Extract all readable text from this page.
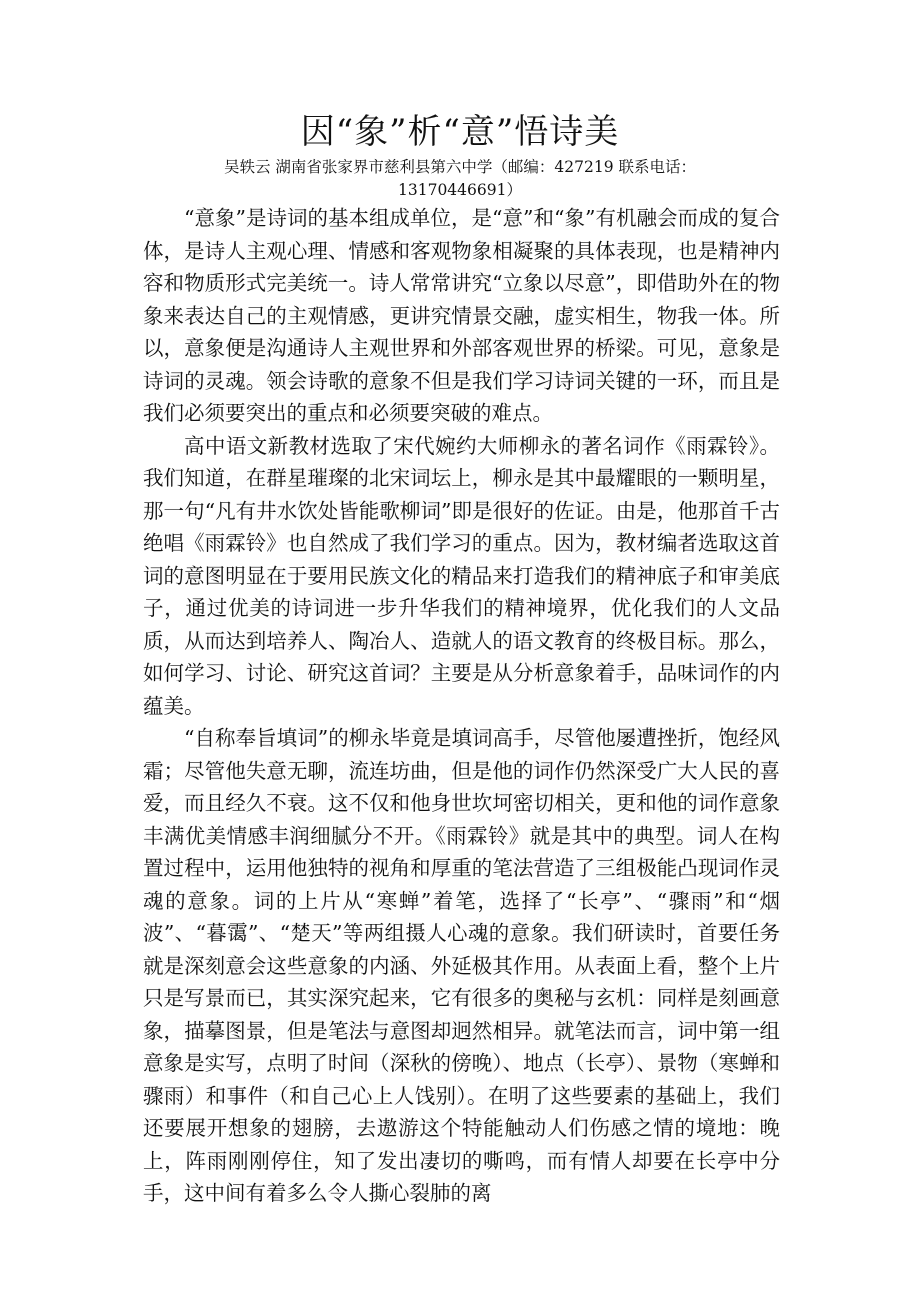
因“象”析“意”悟诗美
吴轶云 湖南省张家界市慈利县第六中学（邮编：427219 联系电话：
13170446691）

“意象”是诗词的基本组成单位，是“意”和“象”有机融会而成的复合体，是诗人主观心理、情感和客观物象相凝聚的具体表现，也是精神内容和物质形式完美统一。诗人常常讲究“立象以尽意”，即借助外在的物象来表达自己的主观情感，更讲究情景交融，虚实相生，物我一体。所以，意象便是沟通诗人主观世界和外部客观世界的桥梁。可见，意象是诗词的灵魂。领会诗歌的意象不但是我们学习诗词关键的一环，而且是我们必须要突出的重点和必须要突破的难点。

高中语文新教材选取了宋代婉约大师柳永的著名词作《雨霖铃》。我们知道，在群星璀璨的北宋词坛上，柳永是其中最耀眼的一颗明星，那一句“凡有井水饮处皆能歌柳词”即是很好的佐证。由是，他那首千古绝唱《雨霖铃》也自然成了我们学习的重点。因为，教材编者选取这首词的意图明显在于要用民族文化的精品来打造我们的精神底子和审美底子，通过优美的诗词进一步升华我们的精神境界，优化我们的人文品质，从而达到培养人、陶冶人、造就人的语文教育的终极目标。那么，如何学习、讨论、研究这首词？主要是从分析意象着手，品味词作的内蕴美。

“自称奉旨填词”的柳永毕竟是填词高手，尽管他屡遭挫折，饱经风霜；尽管他失意无聊，流连坊曲，但是他的词作仍然深受广大人民的喜爱，而且经久不衰。这不仅和他身世坎坷密切相关，更和他的词作意象丰满优美情感丰润细腻分不开。《雨霖铃》就是其中的典型。词人在构置过程中，运用他独特的视角和厚重的笔法营造了三组极能凸现词作灵魂的意象。词的上片从“寒蝉”着笔，选择了“长亭”、“骤雨”和“烟波”、“暮霭”、“楚天”等两组摄人心魂的意象。我们研读时，首要任务就是深刻意会这些意象的内涵、外延极其作用。从表面上看，整个上片只是写景而已，其实深究起来，它有很多的奥秘与玄机：同样是刻画意象，描摹图景，但是笔法与意图却迥然相异。就笔法而言，词中第一组意象是实写，点明了时间（深秋的傍晚）、地点（长亭）、景物（寒蝉和骤雨）和事件（和自己心上人饯别）。在明了这些要素的基础上，我们还要展开想象的翅膀，去遨游这个特能触动人们伤感之情的境地：晚上，阵雨刚刚停住，知了发出凄切的嘶鸣，而有情人却要在长亭中分手，这中间有着多么令人撕心裂肺的离
